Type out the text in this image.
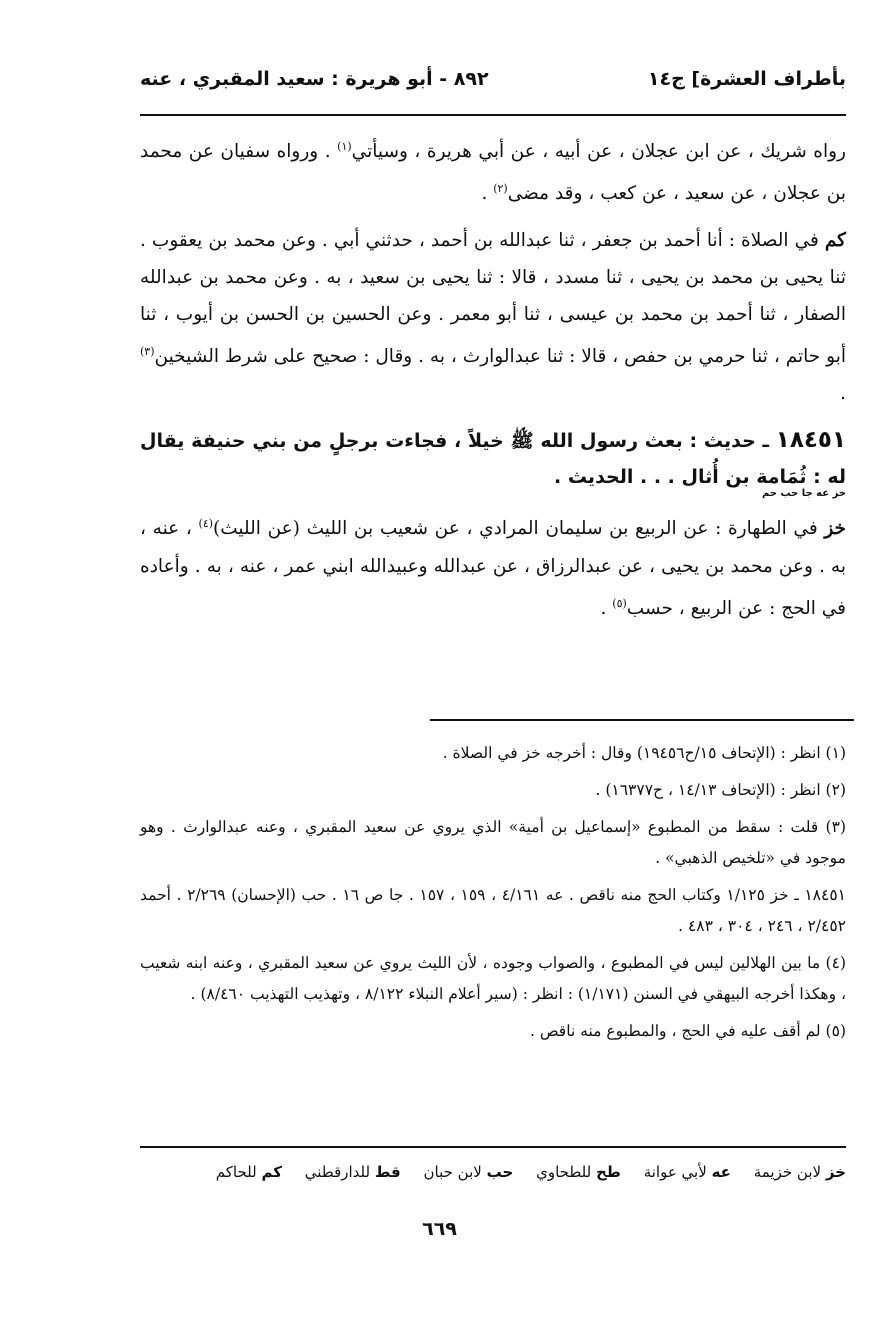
بأطراف العشرة] ج١٤
٨٩٢ - أبو هريرة : سعيد المقبري ، عنه

رواه شريك ، عن ابن عجلان ، عن أبيه ، عن أبي هريرة ، وسيأتي$^{(١)}$ . ورواه سفيان عن محمد بن عجلان ، عن سعيد ، عن كعب ، وقد مضى$^{(٢)}$ .

كم في الصلاة : أنا أحمد بن جعفر ، ثنا عبدالله بن أحمد ، حدثني أبي . وعن محمد بن يعقوب . ثنا يحيى بن محمد بن يحيى ، ثنا مسدد ، قالا : ثنا يحيى بن سعيد ، به . وعن محمد بن عبدالله الصفار ، ثنا أحمد بن محمد بن عيسى ، ثنا أبو معمر . وعن الحسين بن الحسن بن أيوب ، ثنا أبو حاتم ، ثنا حرمي بن حفص ، قالا : ثنا عبدالوارث ، به . وقال : صحيح على شرط الشيخين$^{(٣)}$ .

١٨٤٥١ ـ حديث : بعث رسول الله ﷺ خيلاً ، فجاءت برجلٍ من بني حنيفة يقال له : ثُمَامة بن أُثال . . . الحديث .
خز عه جا حب حم

خز في الطهارة : عن الربيع بن سليمان المرادي ، عن شعيب بن الليث (عن الليث)$^{(٤)}$ ، عنه ، به . وعن محمد بن يحيى ، عن عبدالرزاق ، عن عبدالله وعبيدالله ابني عمر ، عنه ، به . وأعاده في الحج : عن الربيع ، حسب$^{(٥)}$ .

(١) انظر : (الإتحاف ١٥/ح١٩٤٥٦) وقال : أخرجه خز في الصلاة .

(٢) انظر : (الإتحاف ١٤/١٣ ، ح١٦٣٧٧) .

(٣) قلت : سقط من المطبوع «إسماعيل بن أمية» الذي يروي عن سعيد المقبري ، وعنه عبدالوارث . وهو موجود في «تلخيص الذهبي» .

١٨٤٥١ ـ خز ١/١٢٥ وكتاب الحج منه ناقص . عه ٤/١٦١ ، ١٥٩ ، ١٥٧ . جا ص ١٦ . حب (الإحسان) ٢/٢٦٩ . أحمد ٢/٤٥٢ ، ٢٤٦ ، ٣٠٤ ، ٤٨٣ .

(٤) ما بين الهلالين ليس في المطبوع ، والصواب وجوده ، لأن الليث يروي عن سعيد المقبري ، وعنه ابنه شعيب ، وهكذا أخرجه البيهقي في السنن (١/١٧١) : انظر : (سير أعلام النبلاء ٨/١٢٢ ، وتهذيب التهذيب ٨/٤٦٠) .

(٥) لم أقف عليه في الحج ، والمطبوع منه ناقص .

خز لابن خزيمة عه لأبي عوانة طح للطحاوي حب لابن حبان قط للدارقطني كم للحاكم
٦٦٩
